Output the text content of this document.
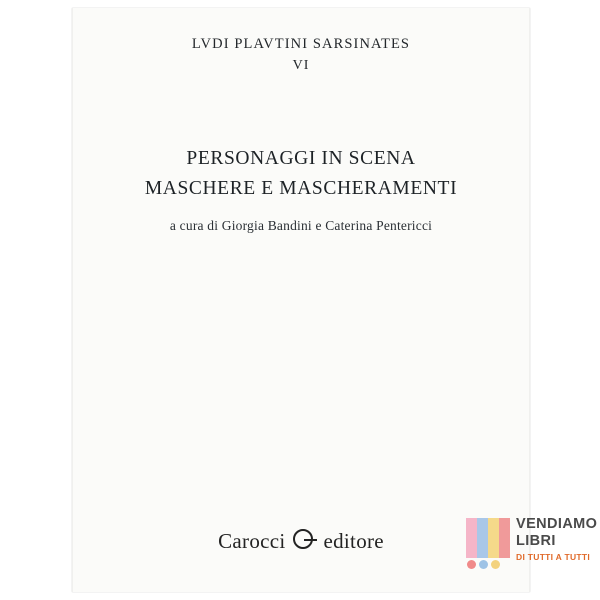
LVDI PLAVTINI SARSINATES
VI
PERSONAGGI IN SCENA
MASCHERE E MASCHERAMENTI
a cura di Giorgia Bandini e Caterina Pentericci
Carocci editore
VENDIAMO
LIBRI
DI TUTTI A TUTTI
